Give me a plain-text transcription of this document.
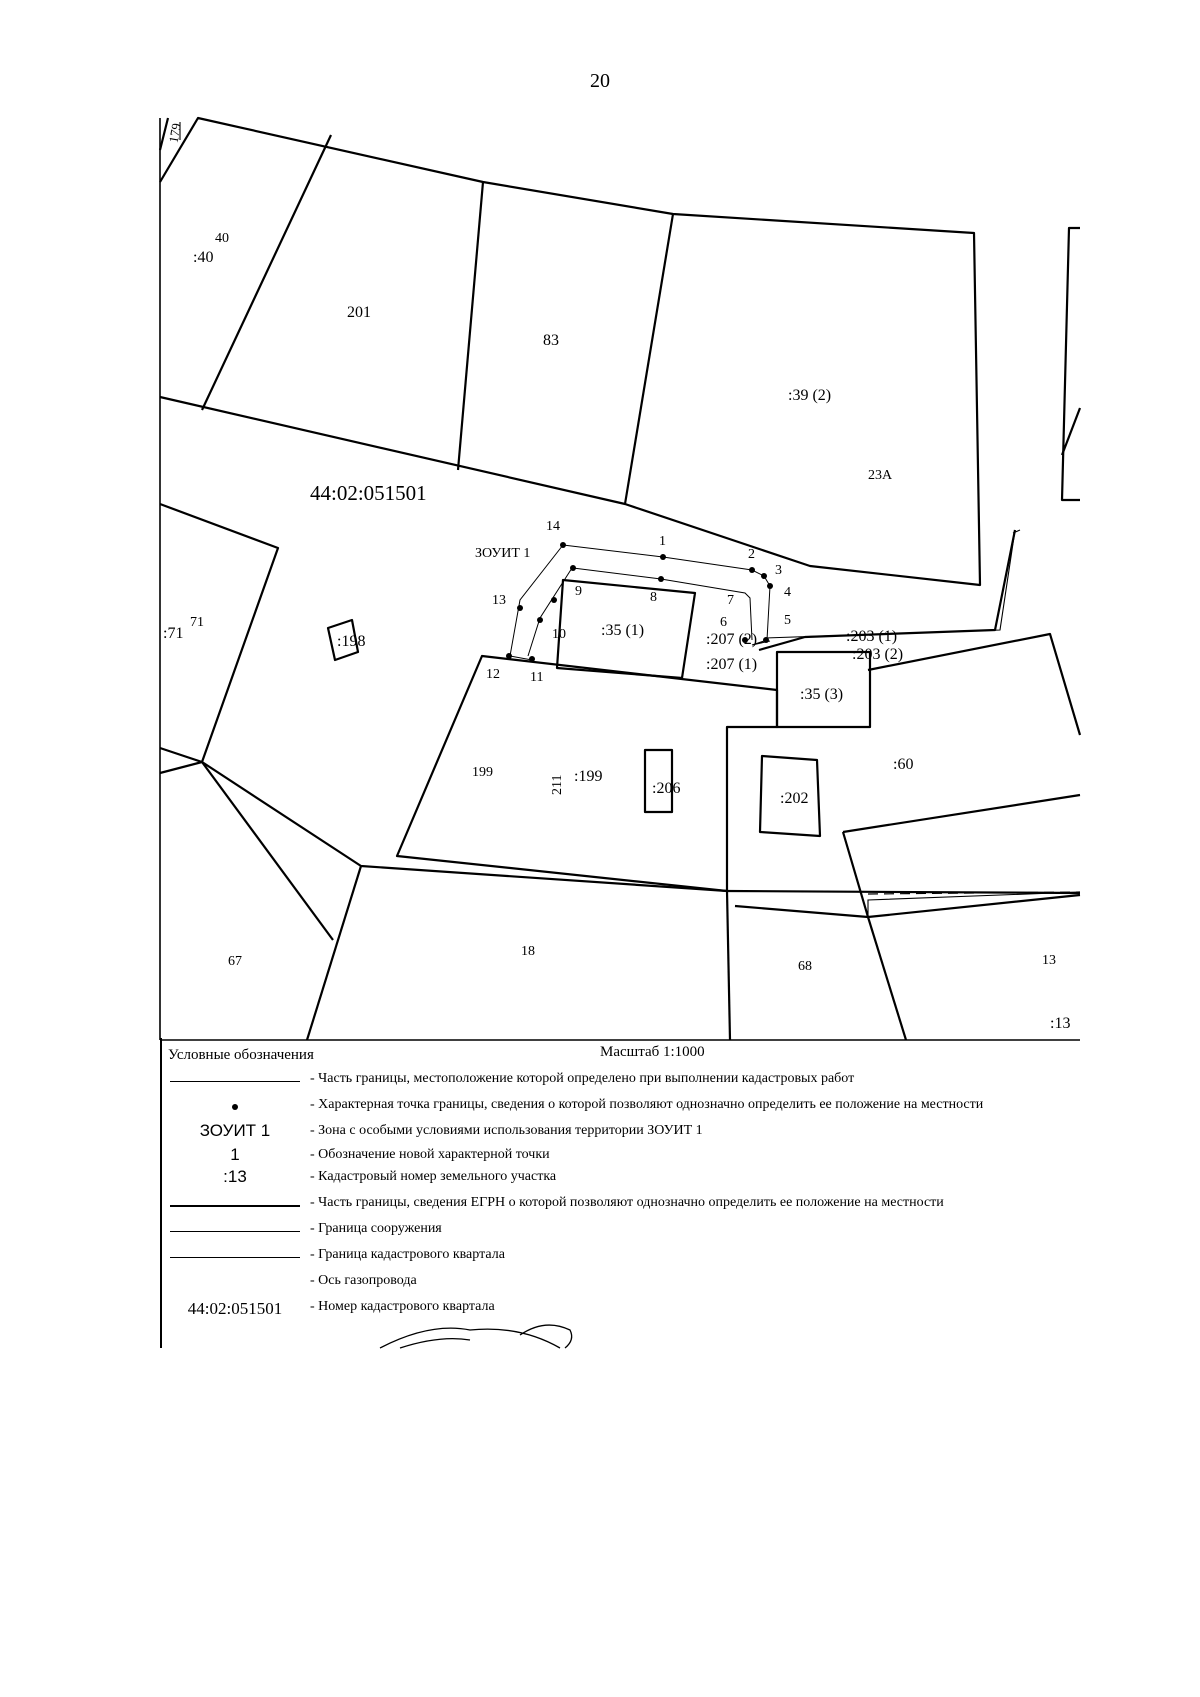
20
179
40
:40
201
83
:39 (2)
23А
44:02:051501
ЗОУИТ 1
71
:71	:198
:35 (1)
:207 (2)
:207 (1)
:203 (1)
:203 (2)
:35 (3)
199
211 :199
:206
:202
:60
67
18
68	13
:13
1
2
3
4
5
6
7
8
9
10
11
12
13
14
Масштаб 1:1000
Условные обозначения
- Часть границы, местоположение которой определено при выполнении кадастровых работ
- Характерная точка границы, сведения о которой позволяют однозначно определить ее положение на местности
ЗОУИТ 1	- Зона с особыми условиями использования территории ЗОУИТ 1
1	- Обозначение новой характерной точки
:13	- Кадастровый номер земельного участка
- Часть границы, сведения ЕГРН о которой позволяют однозначно определить ее положение на местности
- Граница сооружения
- Граница кадастрового квартала
- Ось газопровода
44:02:051501	- Номер кадастрового квартала
